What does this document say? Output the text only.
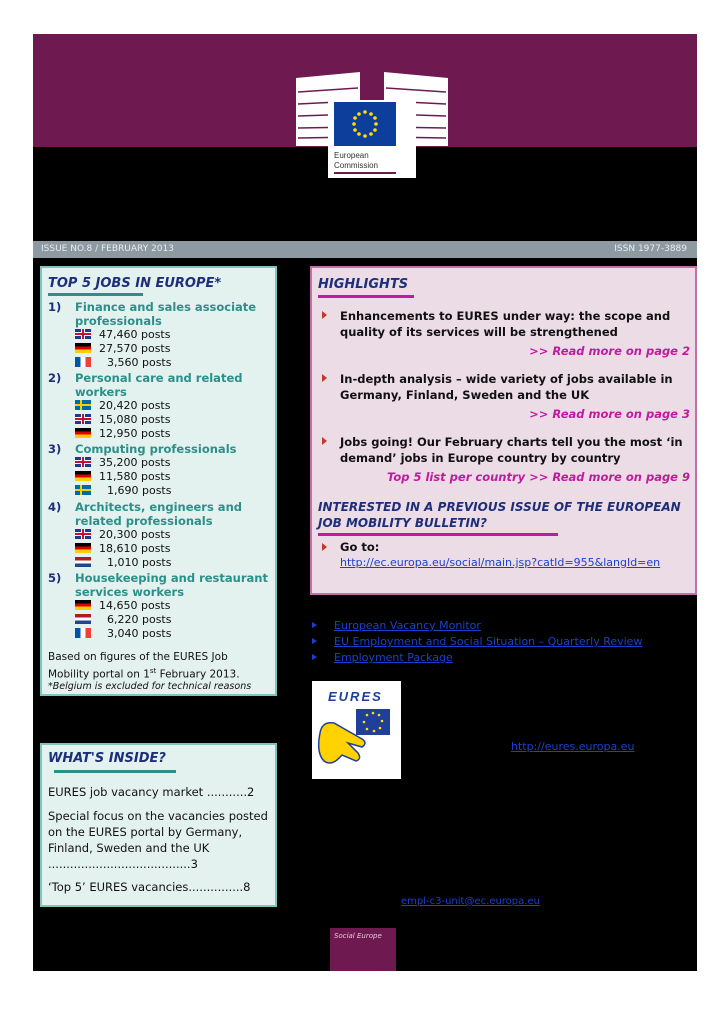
European
Commission
ISSUE NO.8 / FEBRUARY 2013	ISSN 1977-3889
TOP 5 JOBS IN EUROPE*
1) Finance and sales associate professionals
47,460 posts
27,570 posts
3,560 posts
2) Personal care and related workers
20,420 posts
15,080 posts
12,950 posts
3) Computing professionals
35,200 posts
11,580 posts
1,690 posts
4) Architects, engineers and related professionals
20,300 posts
18,610 posts
1,010 posts
5) Housekeeping and restaurant services workers
14,650 posts
6,220 posts
3,040 posts
Based on figures of the EURES Job
Mobility portal on 1st February 2013.
*Belgium is excluded for technical reasons
HIGHLIGHTS
Enhancements to EURES under way: the scope and quality of its services will be strengthened
>> Read more on page 2
In-depth analysis – wide variety of jobs available in Germany, Finland, Sweden and the UK
>> Read more on page 3
Jobs going! Our February charts tell you the most ‘in demand’ jobs in Europe country by country
Top 5 list per country >> Read more on page 9
INTERESTED IN A PREVIOUS ISSUE OF THE EUROPEAN JOB MOBILITY BULLETIN?
Go to:
http://ec.europa.eu/social/main.jsp?catId=955&langId=en
European Vacancy Monitor
EU Employment and Social Situation – Quarterly Review
Employment Package
EURES
http://eures.europa.eu
WHAT'S INSIDE?
EURES job vacancy market ...........2
Special focus on the vacancies posted on the EURES portal by Germany, Finland, Sweden and the UK .......................................3
‘Top 5’ EURES vacancies...............8
empl-c3-unit@ec.europa.eu
Social Europe
